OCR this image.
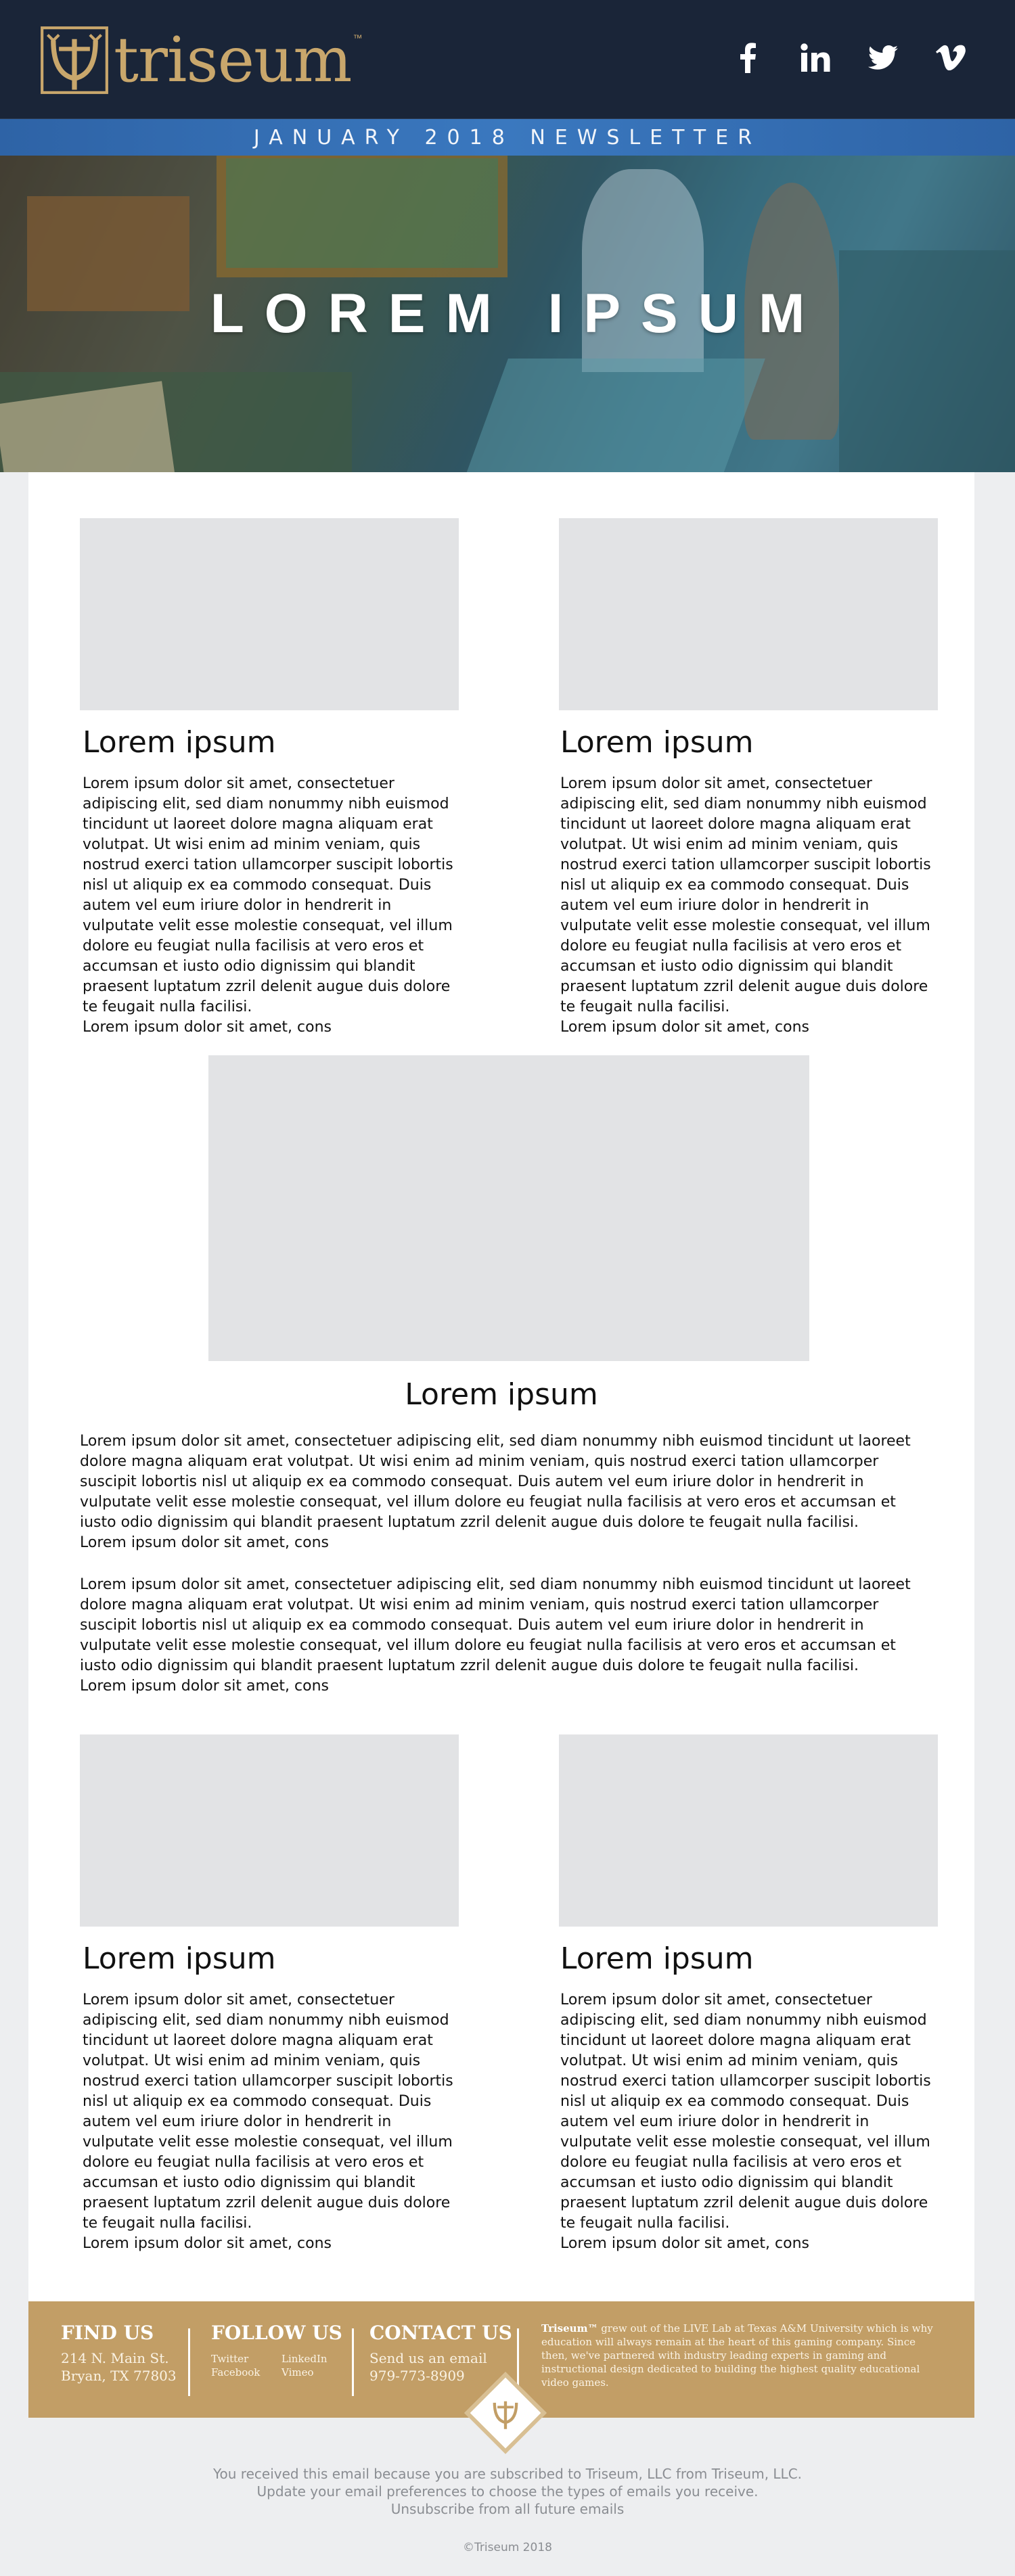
triseum ™
JANUARY 2018 NEWSLETTER
LOREM IPSUM
Lorem ipsum
Lorem ipsum dolor sit amet, consectetuer adipiscing elit, sed diam nonummy nibh euismod tincidunt ut laoreet dolore magna aliquam erat volutpat. Ut wisi enim ad minim veniam, quis nostrud exerci tation ullamcorper suscipit lobortis nisl ut aliquip ex ea commodo consequat. Duis autem vel eum iriure dolor in hendrerit in vulputate velit esse molestie consequat, vel illum dolore eu feugiat nulla facilisis at vero eros et accumsan et iusto odio dignissim qui blandit praesent luptatum zzril delenit augue duis dolore te feugait nulla facilisi.
Lorem ipsum dolor sit amet, cons
Lorem ipsum
Lorem ipsum dolor sit amet, consectetuer adipiscing elit, sed diam nonummy nibh euismod tincidunt ut laoreet dolore magna aliquam erat volutpat. Ut wisi enim ad minim veniam, quis nostrud exerci tation ullamcorper suscipit lobortis nisl ut aliquip ex ea commodo consequat. Duis autem vel eum iriure dolor in hendrerit in vulputate velit esse molestie consequat, vel illum dolore eu feugiat nulla facilisis at vero eros et accumsan et iusto odio dignissim qui blandit praesent luptatum zzril delenit augue duis dolore te feugait nulla facilisi.
Lorem ipsum dolor sit amet, cons
Lorem ipsum
Lorem ipsum dolor sit amet, consectetuer adipiscing elit, sed diam nonummy nibh euismod tincidunt ut laoreet dolore magna aliquam erat volutpat. Ut wisi enim ad minim veniam, quis nostrud exerci tation ullamcorper suscipit lobortis nisl ut aliquip ex ea commodo consequat. Duis autem vel eum iriure dolor in hendrerit in vulputate velit esse molestie consequat, vel illum dolore eu feugiat nulla facilisis at vero eros et accumsan et iusto odio dignissim qui blandit praesent luptatum zzril delenit augue duis dolore te feugait nulla facilisi.
Lorem ipsum dolor sit amet, cons
Lorem ipsum dolor sit amet, consectetuer adipiscing elit, sed diam nonummy nibh euismod tincidunt ut laoreet dolore magna aliquam erat volutpat. Ut wisi enim ad minim veniam, quis nostrud exerci tation ullamcorper suscipit lobortis nisl ut aliquip ex ea commodo consequat. Duis autem vel eum iriure dolor in hendrerit in vulputate velit esse molestie consequat, vel illum dolore eu feugiat nulla facilisis at vero eros et accumsan et iusto odio dignissim qui blandit praesent luptatum zzril delenit augue duis dolore te feugait nulla facilisi.
Lorem ipsum dolor sit amet, cons
Lorem ipsum
Lorem ipsum dolor sit amet, consectetuer adipiscing elit, sed diam nonummy nibh euismod tincidunt ut laoreet dolore magna aliquam erat volutpat. Ut wisi enim ad minim veniam, quis nostrud exerci tation ullamcorper suscipit lobortis nisl ut aliquip ex ea commodo consequat. Duis autem vel eum iriure dolor in hendrerit in vulputate velit esse molestie consequat, vel illum dolore eu feugiat nulla facilisis at vero eros et accumsan et iusto odio dignissim qui blandit praesent luptatum zzril delenit augue duis dolore te feugait nulla facilisi.
Lorem ipsum dolor sit amet, cons
Lorem ipsum
Lorem ipsum dolor sit amet, consectetuer adipiscing elit, sed diam nonummy nibh euismod tincidunt ut laoreet dolore magna aliquam erat volutpat. Ut wisi enim ad minim veniam, quis nostrud exerci tation ullamcorper suscipit lobortis nisl ut aliquip ex ea commodo consequat. Duis autem vel eum iriure dolor in hendrerit in vulputate velit esse molestie consequat, vel illum dolore eu feugiat nulla facilisis at vero eros et accumsan et iusto odio dignissim qui blandit praesent luptatum zzril delenit augue duis dolore te feugait nulla facilisi.
Lorem ipsum dolor sit amet, cons
FIND US
214 N. Main St.
Bryan, TX 77803
FOLLOW US
Twitter	LinkedIn
Facebook	Vimeo
CONTACT US
Send us an email
979-773-8909
Triseum™ grew out of the LIVE Lab at Texas A&M University which is why education will always remain at the heart of this gaming company. Since then, we've partnered with industry leading experts in gaming and instructional design dedicated to building the highest quality educational video games.
You received this email because you are subscribed to Triseum, LLC from Triseum, LLC.
Update your email preferences to choose the types of emails you receive.
Unsubscribe from all future emails
©Triseum 2018
